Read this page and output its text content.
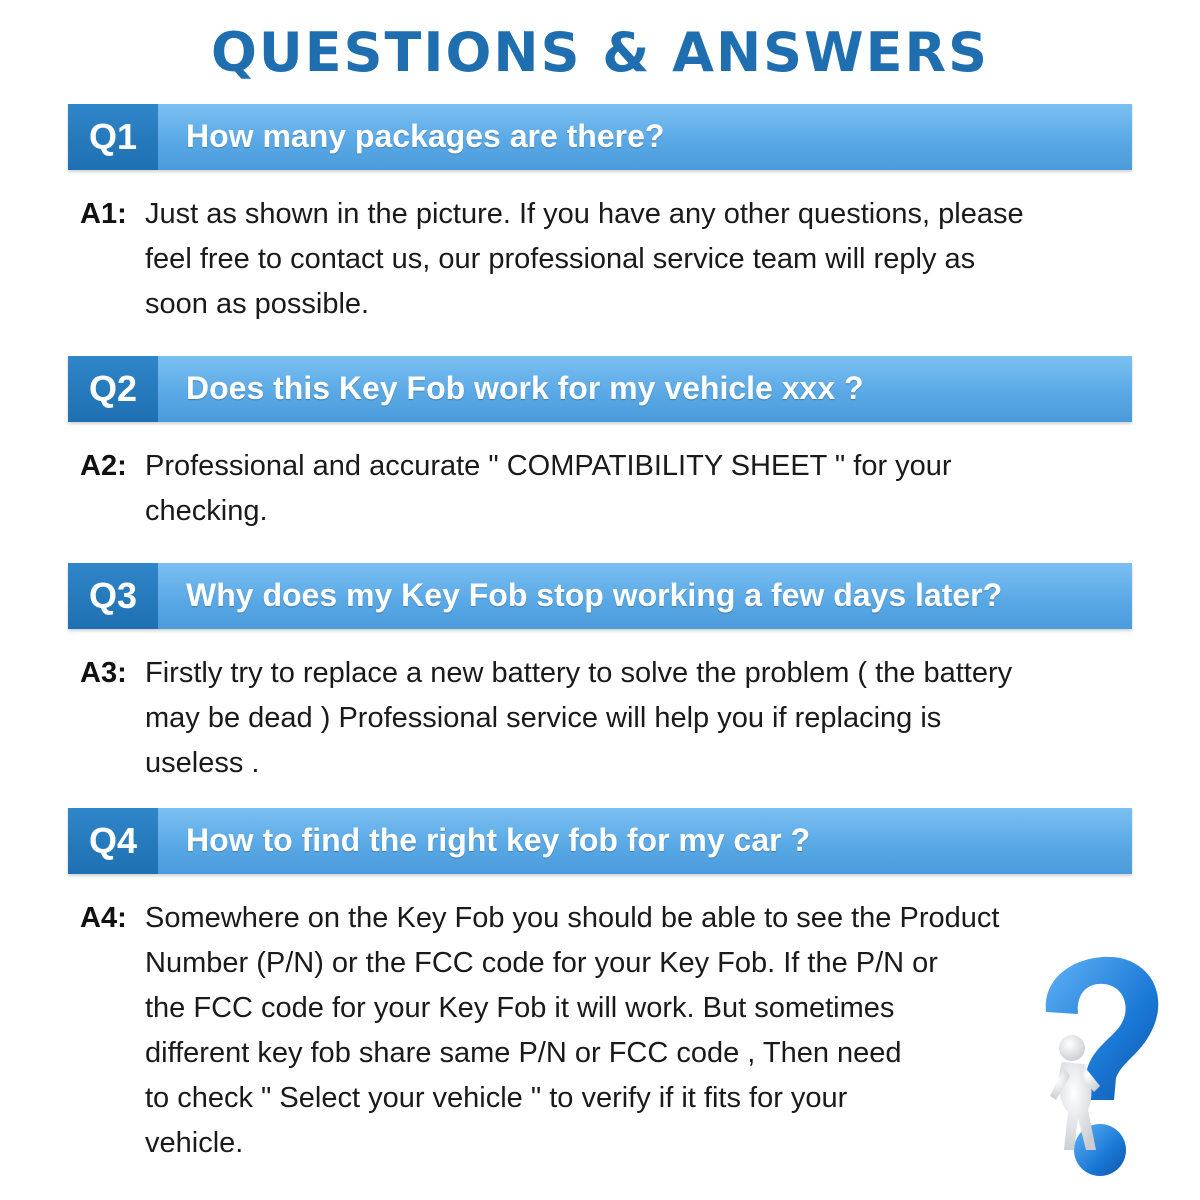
QUESTIONS & ANSWERS
Q1	How many packages are there?
A1: Just as shown in the picture. If you have any other questions, please
feel free to contact us, our professional service team will reply as
soon as possible.
Q2	Does this Key Fob work for my vehicle xxx ?
A2: Professional and accurate " COMPATIBILITY SHEET " for your
checking.
Q3	Why does my Key Fob stop working a few days later?
A3: Firstly try to replace a new battery to solve the problem ( the battery
may be dead ) Professional service will help you if replacing is
useless .
Q4	How to find the right key fob for my car ?
A4: Somewhere on the Key Fob you should be able to see the Product
Number (P/N) or the FCC code for your Key Fob. If the P/N or
the FCC code for your Key Fob it will work. But sometimes
different key fob share same P/N or FCC code , Then need
to check " Select your vehicle " to verify if it fits for your
vehicle.
